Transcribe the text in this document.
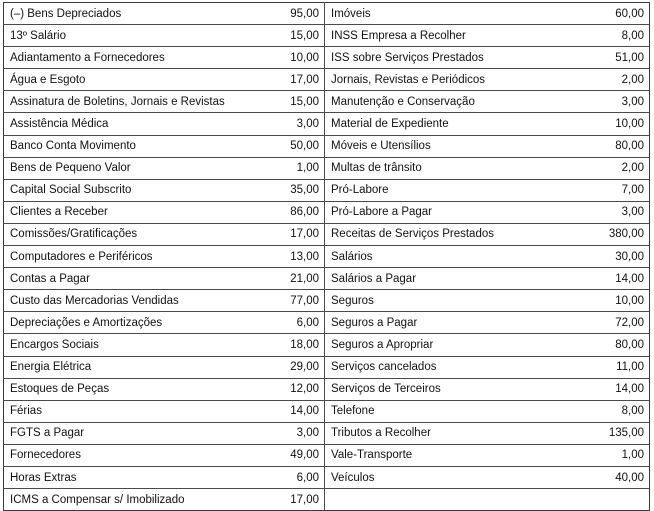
(–) Bens Depreciados	95,00	Imóveis	60,00
13º Salário	15,00	INSS Empresa a Recolher	8,00
Adiantamento a Fornecedores	10,00	ISS sobre Serviços Prestados	51,00
Água e Esgoto	17,00	Jornais, Revistas e Periódicos	2,00
Assinatura de Boletins, Jornais e Revistas	15,00	Manutenção e Conservação	3,00
Assistência Médica	3,00	Material de Expediente	10,00
Banco Conta Movimento	50,00	Móveis e Utensílios	80,00
Bens de Pequeno Valor	1,00	Multas de trânsito	2,00
Capital Social Subscrito	35,00	Pró-Labore	7,00
Clientes a Receber	86,00	Pró-Labore a Pagar	3,00
Comissões/Gratificações	17,00	Receitas de Serviços Prestados	380,00
Computadores e Periféricos	13,00	Salários	30,00
Contas a Pagar	21,00	Salários a Pagar	14,00
Custo das Mercadorias Vendidas	77,00	Seguros	10,00
Depreciações e Amortizações	6,00	Seguros a Pagar	72,00
Encargos Sociais	18,00	Seguros a Apropriar	80,00
Energia Elétrica	29,00	Serviços cancelados	11,00
Estoques de Peças	12,00	Serviços de Terceiros	14,00
Férias	14,00	Telefone	8,00
FGTS a Pagar	3,00	Tributos a Recolher	135,00
Fornecedores	49,00	Vale-Transporte	1,00
Horas Extras	6,00	Veículos	40,00
ICMS a Compensar s/ Imobilizado	17,00		
